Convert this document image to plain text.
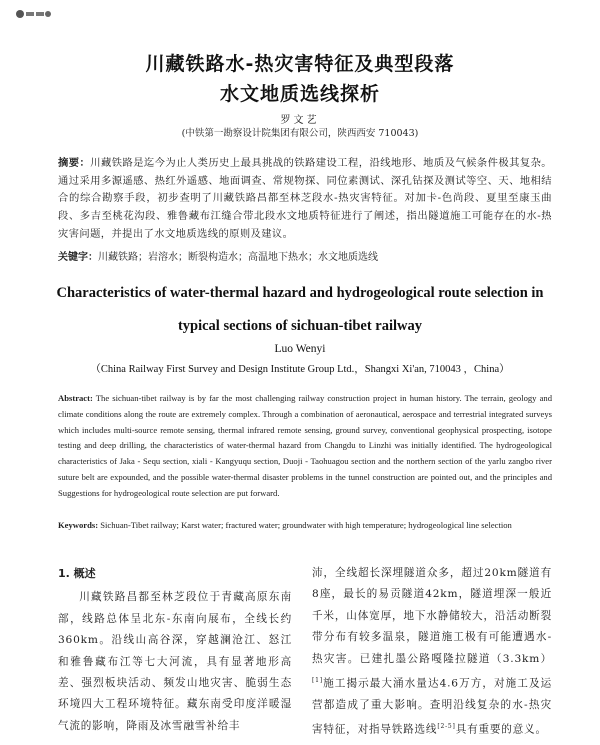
川藏铁路水-热灾害特征及典型段落
水文地质选线探析
罗文艺
(中铁第一勘察设计院集团有限公司，陕西西安 710043)
摘要：川藏铁路是迄今为止人类历史上最具挑战的铁路建设工程，沿线地形、地质及气候条件极其复杂。通过采用多源遥感、热红外遥感、地面调查、常规物探、同位素测试、深孔钻探及测试等空、天、地相结合的综合勘察手段，初步查明了川藏铁路昌都至林芝段水-热灾害特征。对加卡-色尚段、夏里至康玉曲段、多吉至桃花沟段、雅鲁藏布江缝合带北段水文地质特征进行了阐述，指出隧道施工可能存在的水-热灾害问题，并提出了水文地质选线的原则及建议。
关键字：川藏铁路；岩溶水；断裂构造水；高温地下热水；水文地质选线
Characteristics of water-thermal hazard and hydrogeological route selection in
typical sections of sichuan-tibet railway
Luo Wenyi
（China Railway First Survey and Design Institute Group Ltd.，Shangxi Xi'an, 710043 ，China）
Abstract: The sichuan-tibet railway is by far the most challenging railway construction project in human history. The terrain, geology and climate conditions along the route are extremely complex. Through a combination of aeronautical, aerospace and terrestrial integrated surveys which includes multi-source remote sensing, thermal infrared remote sensing, ground survey, conventional geophysical prospecting, isotope testing and deep drilling, the characteristics of water-thermal hazard from Changdu to Linzhi was initially identified. The hydrogeological characteristics of Jaka - Sequ section, xiali - Kangyuqu section, Duoji - Taohuagou section and the northern section of the yarlu zangbo river suture belt are expounded, and the possible water-thermal disaster problems in the tunnel construction are pointed out, and the principles and Suggestions for hydrogeological route selection are put forward.
Keywords: Sichuan-Tibet railway; Karst water; fractured water; groundwater with high temperature; hydrogeological line selection
1. 概述
川藏铁路昌都至林芝段位于青藏高原东南部，线路总体呈北东-东南向展布，全线长约360km。沿线山高谷深，穿越澜沧江、怒江和雅鲁藏布江等七大河流，具有显著地形高差、强烈板块活动、频发山地灾害、脆弱生态环境四大工程环境特征。藏东南受印度洋暖湿气流的影响，降雨及冰雪融雪补给丰
沛，全线超长深埋隧道众多，超过20km隧道有8座，最长的易贡隧道42km，隧道埋深一般近千米，山体宽厚，地下水静储较大，沿活动断裂带分布有较多温泉，隧道施工极有可能遭遇水-热灾害。已建扎墨公路嘎隆拉隧道（3.3km）[1]施工揭示最大涌水量达4.6万方，对施工及运营都造成了重大影响。查明沿线复杂的水-热灾害特征，对指导铁路选线[2-5]具有重要的意义。
